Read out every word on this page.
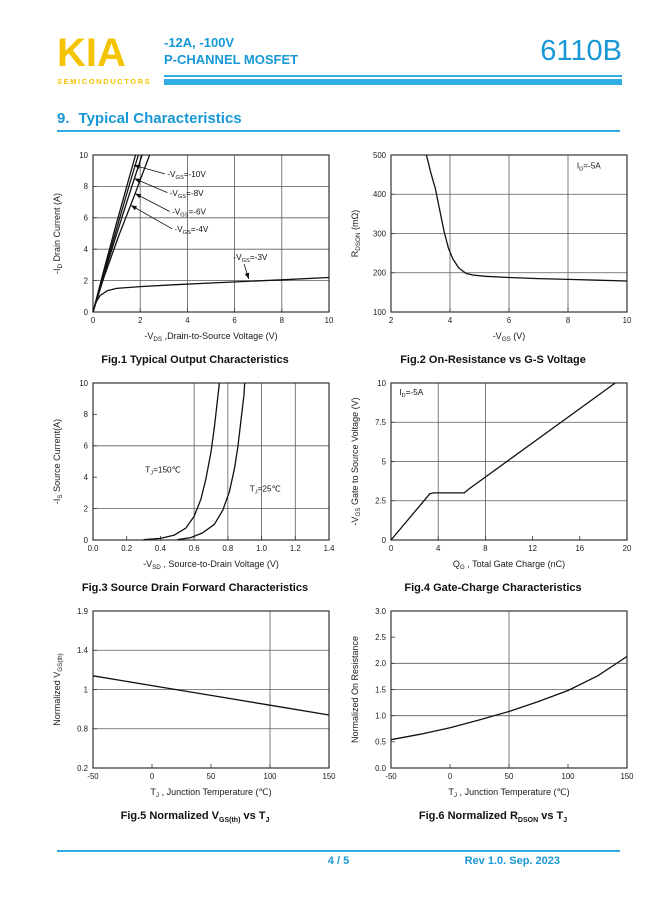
KIA
SEMICONDUCTORS
-12A, -100V
P-CHANNEL MOSFET	6110B
9. Typical Characteristics
0	2	4	6	8	10
0
2
4
6
8
10
$-V_{DS}$ ,Drain-to-Source Voltage (V)
$-I_D$ Drain Current (A)
$-V_{GS}=-10V$
$-V_{GS}=-8V$
$-V_{GS}=-6V$
$-V_{GS}=-4V$
$-V_{GS}=-3V$
Fig.1 Typical Output Characteristics
2	4	6	8	10
100
200
300
400
500
$-V_{GS}$ (V)
$R_{DSON}$ (mΩ)
$I_D=-5A$
Fig.2 On-Resistance vs G-S Voltage
0.0	0.2	0.4	0.6	0.8	1.0	1.2	1.4
0
2
4
6
8
10
$-V_{SD}$ , Source-to-Drain Voltage (V)
$-I_S$ Source Current(A)	$T_J=150℃$
$T_J=25℃$
Fig.3 Source Drain Forward Characteristics
0	4	8	12	16	20
0
2.5
5
7.5
10
$Q_G$ , Total Gate Charge (nC)
$-V_{GS}$ Gate to Source Voltage (V)
$I_D=-5A$
Fig.4 Gate-Charge Characteristics
-50	0	50	100	150
0.2
0.8
1
1.4
1.9
$T_J$ , Junction Temperature (℃)
Normalized $V_{GS(th)}$
Fig.5 Normalized $V_{GS(th)}$ vs $T_J$
-50	0	50	100	150
0.0
0.5
1.0
1.5
2.0
2.5
3.0
$T_J$ , Junction Temperature (℃)
Normalized On Resistance
Fig.6 Normalized $R_{DSON}$ vs $T_J$
4 / 5	Rev 1.0. Sep. 2023
